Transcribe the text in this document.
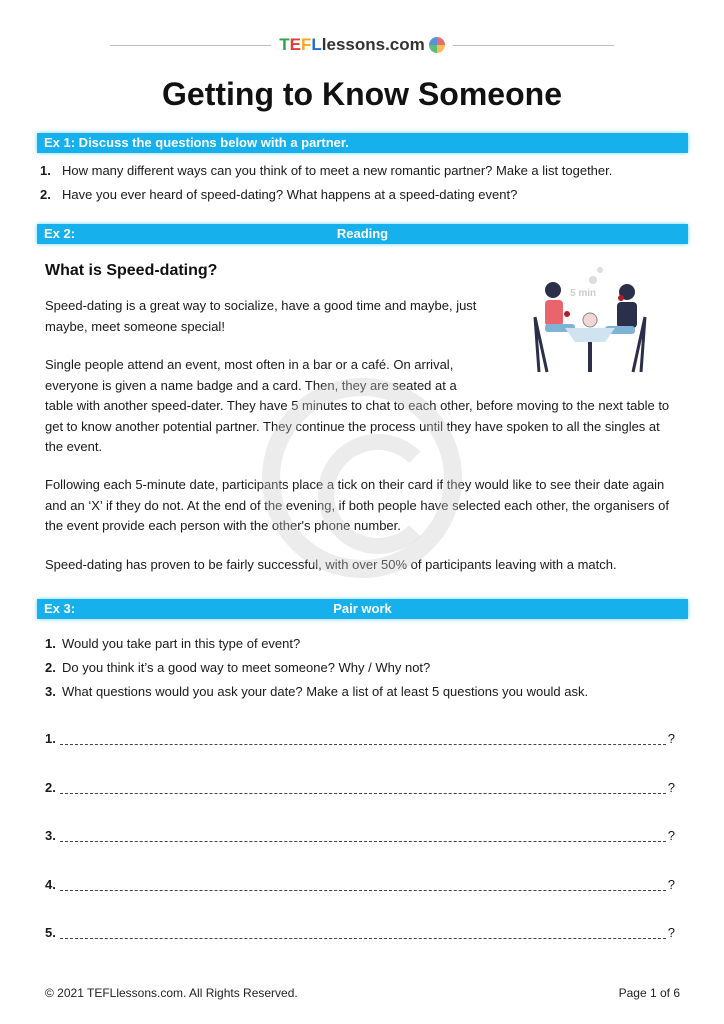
T E F L lessons.com
Getting to Know Someone
Ex 1: Discuss the questions below with a partner.
1. How many different ways can you think of to meet a new romantic partner? Make a list together.
2. Have you ever heard of speed-dating? What happens at a speed-dating event?
Ex 2:	Reading
What is Speed-dating?

Speed-dating is a great way to socialize, have a good time and maybe, just maybe, meet someone special!

Single people attend an event, most often in a bar or a café. On arrival, everyone is given a name badge and a card. Then, they are seated at a table with another speed-dater. They have 5 minutes to chat to each other, before moving to the next table to get to know another potential partner. They continue the process until they have spoken to all the singles at the event.

Following each 5-minute date, participants place a tick on their card if they would like to see their date again and an ‘X’ if they do not. At the end of the evening, if both people have selected each other, the organisers of the event provide each person with the other's phone number.

Speed-dating has proven to be fairly successful, with over 50% of participants leaving with a match.

5 min
Ex 3:	Pair work
1. Would you take part in this type of event?
2. Do you think it’s a good way to meet someone? Why / Why not?
3. What questions would you ask your date? Make a list of at least 5 questions you would ask.
1.	?
2.	?
3.	?
4.	?
5.	?
© 2021 TEFLlessons.com. All Rights Reserved.	Page 1 of 6
